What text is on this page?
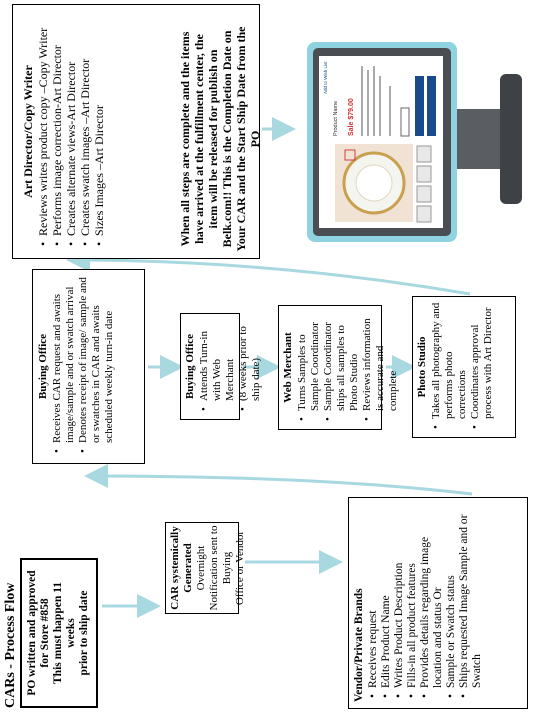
CARs - Process Flow PO written and approved for Store #858 This must happen 11 weeks prior to ship date
CAR systemically Generated Overnight Notification sent to Buying Office or Vendor
Vendor/Private Brands • Receives request • Edits Product Name • Writes Product Description • Fills-in all product features • Provides details regarding image location and status Or • Sample or Swatch status • Ships requested Image Sample and or Swatch
Buying Office • Receives CAR request and awaits image/sample and or swatch arrival • Denotes receipt of image/ sample and or swatches in CAR and awaits scheduled weekly turn-in date	Buying Office • Attends Turn-in with Web Merchant • (8 weeks prior to ship date) Web Merchant • Turns Samples to Sample Coordinator • Sample Coordinator ships all samples to Photo Studio • Reviews information is accurate and complete Photo Studio • Takes all photography and performs photo corrections • Coordinates approval process with Art Director
Art Director/Copy Writer • Reviews writes product copy –Copy Writer • Performs image correction-Art Director • Creates alternate views-Art Director • Creates swatch images –Art Director • Sizes Images –Art Director	When all steps are complete and the items have arrived at the fulfillment center, the item will be released for publish on Belk.com!! This is the Completion Date on Your CAR and the Start Ship Date from the PO
Product Name Sale $79.00
Add to Wish List
